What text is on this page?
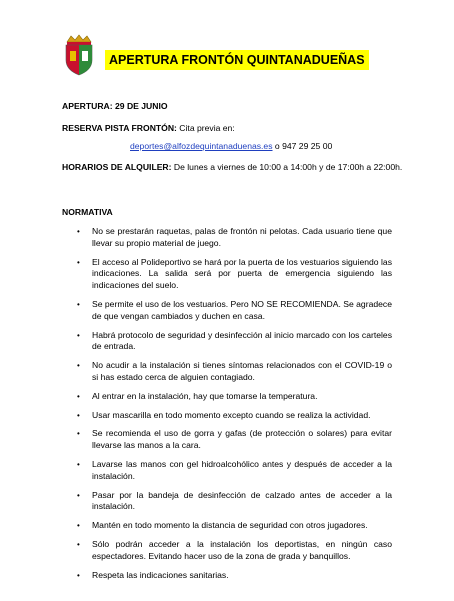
APERTURA FRONTÓN QUINTANADUEÑAS
APERTURA: 29 DE JUNIO
RESERVA PISTA FRONTÓN: Cita previa en:
deportes@alfozdequintanaduenas.es o 947 29 25 00
HORARIOS DE ALQUILER: De lunes a viernes de 10:00 a 14:00h y de 17:00h a 22:00h.
NORMATIVA
• No se prestarán raquetas, palas de frontón ni pelotas. Cada usuario tiene que llevar su propio material de juego.
• El acceso al Polideportivo se hará por la puerta de los vestuarios siguiendo las indicaciones. La salida será por puerta de emergencia siguiendo las indicaciones del suelo.
• Se permite el uso de los vestuarios. Pero NO SE RECOMIENDA. Se agradece de que vengan cambiados y duchen en casa.
• Habrá protocolo de seguridad y desinfección al inicio marcado con los carteles de entrada.
• No acudir a la instalación si tienes síntomas relacionados con el COVID-19 o si has estado cerca de alguien contagiado.
• Al entrar en la instalación, hay que tomarse la temperatura.
• Usar mascarilla en todo momento excepto cuando se realiza la actividad.
• Se recomienda el uso de gorra y gafas (de protección o solares) para evitar llevarse las manos a la cara.
• Lavarse las manos con gel hidroalcohólico antes y después de acceder a la instalación.
• Pasar por la bandeja de desinfección de calzado antes de acceder a la instalación.
• Mantén en todo momento la distancia de seguridad con otros jugadores.
• Sólo podrán acceder a la instalación los deportistas, en ningún caso espectadores. Evitando hacer uso de la zona de grada y banquillos.
• Respeta las indicaciones sanitarias.
